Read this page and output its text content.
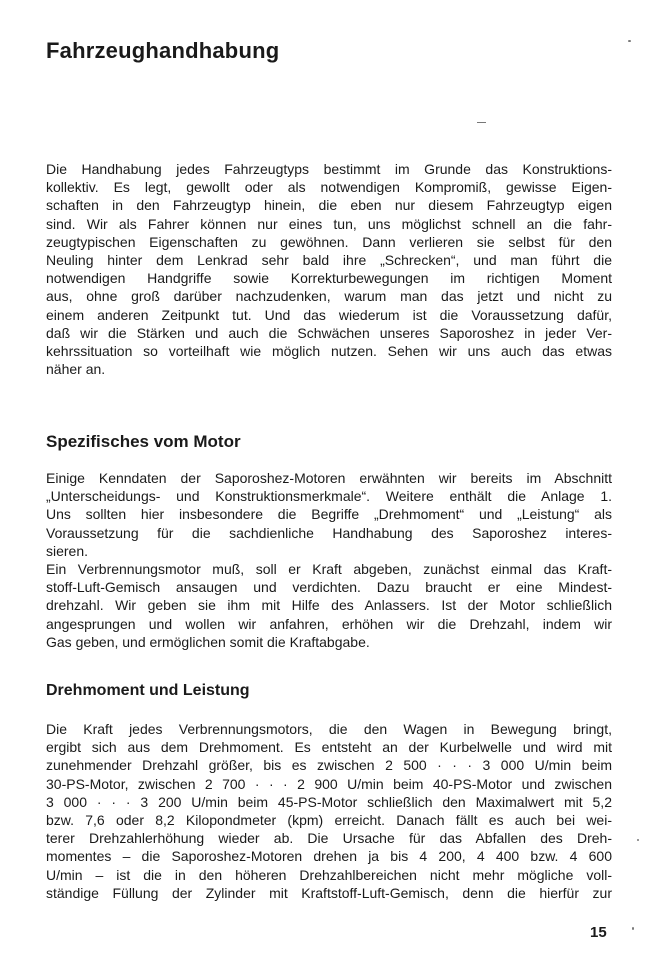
Fahrzeughandhabung
Die Handhabung jedes Fahrzeugtyps bestimmt im Grunde das Konstruktions-
kollektiv. Es legt, gewollt oder als notwendigen Kompromiß, gewisse Eigen-
schaften in den Fahrzeugtyp hinein, die eben nur diesem Fahrzeugtyp eigen
sind. Wir als Fahrer können nur eines tun, uns möglichst schnell an die fahr-
zeugtypischen Eigenschaften zu gewöhnen. Dann verlieren sie selbst für den
Neuling hinter dem Lenkrad sehr bald ihre „Schrecken“, und man führt die
notwendigen Handgriffe sowie Korrekturbewegungen im richtigen Moment
aus, ohne groß darüber nachzudenken, warum man das jetzt und nicht zu
einem anderen Zeitpunkt tut. Und das wiederum ist die Voraussetzung dafür,
daß wir die Stärken und auch die Schwächen unseres Saporoshez in jeder Ver-
kehrssituation so vorteilhaft wie möglich nutzen. Sehen wir uns auch das etwas
näher an.
Spezifisches vom Motor
Einige Kenndaten der Saporoshez-Motoren erwähnten wir bereits im Abschnitt
„Unterscheidungs- und Konstruktionsmerkmale“. Weitere enthält die Anlage 1.
Uns sollten hier insbesondere die Begriffe „Drehmoment“ und „Leistung“ als
Voraussetzung für die sachdienliche Handhabung des Saporoshez interes-
sieren.
Ein Verbrennungsmotor muß, soll er Kraft abgeben, zunächst einmal das Kraft-
stoff-Luft-Gemisch ansaugen und verdichten. Dazu braucht er eine Mindest-
drehzahl. Wir geben sie ihm mit Hilfe des Anlassers. Ist der Motor schließlich
angesprungen und wollen wir anfahren, erhöhen wir die Drehzahl, indem wir
Gas geben, und ermöglichen somit die Kraftabgabe.
Drehmoment und Leistung
Die Kraft jedes Verbrennungsmotors, die den Wagen in Bewegung bringt,
ergibt sich aus dem Drehmoment. Es entsteht an der Kurbelwelle und wird mit
zunehmender Drehzahl größer, bis es zwischen 2 500 · · · 3 000 U/min beim
30-PS-Motor, zwischen 2 700 · · · 2 900 U/min beim 40-PS-Motor und zwischen
3 000 · · · 3 200 U/min beim 45-PS-Motor schließlich den Maximalwert mit 5,2
bzw. 7,6 oder 8,2 Kilopondmeter (kpm) erreicht. Danach fällt es auch bei wei-
terer Drehzahlerhöhung wieder ab. Die Ursache für das Abfallen des Dreh-
momentes – die Saporoshez-Motoren drehen ja bis 4 200, 4 400 bzw. 4 600
U/min – ist die in den höheren Drehzahlbereichen nicht mehr mögliche voll-
ständige Füllung der Zylinder mit Kraftstoff-Luft-Gemisch, denn die hierfür zur
15
